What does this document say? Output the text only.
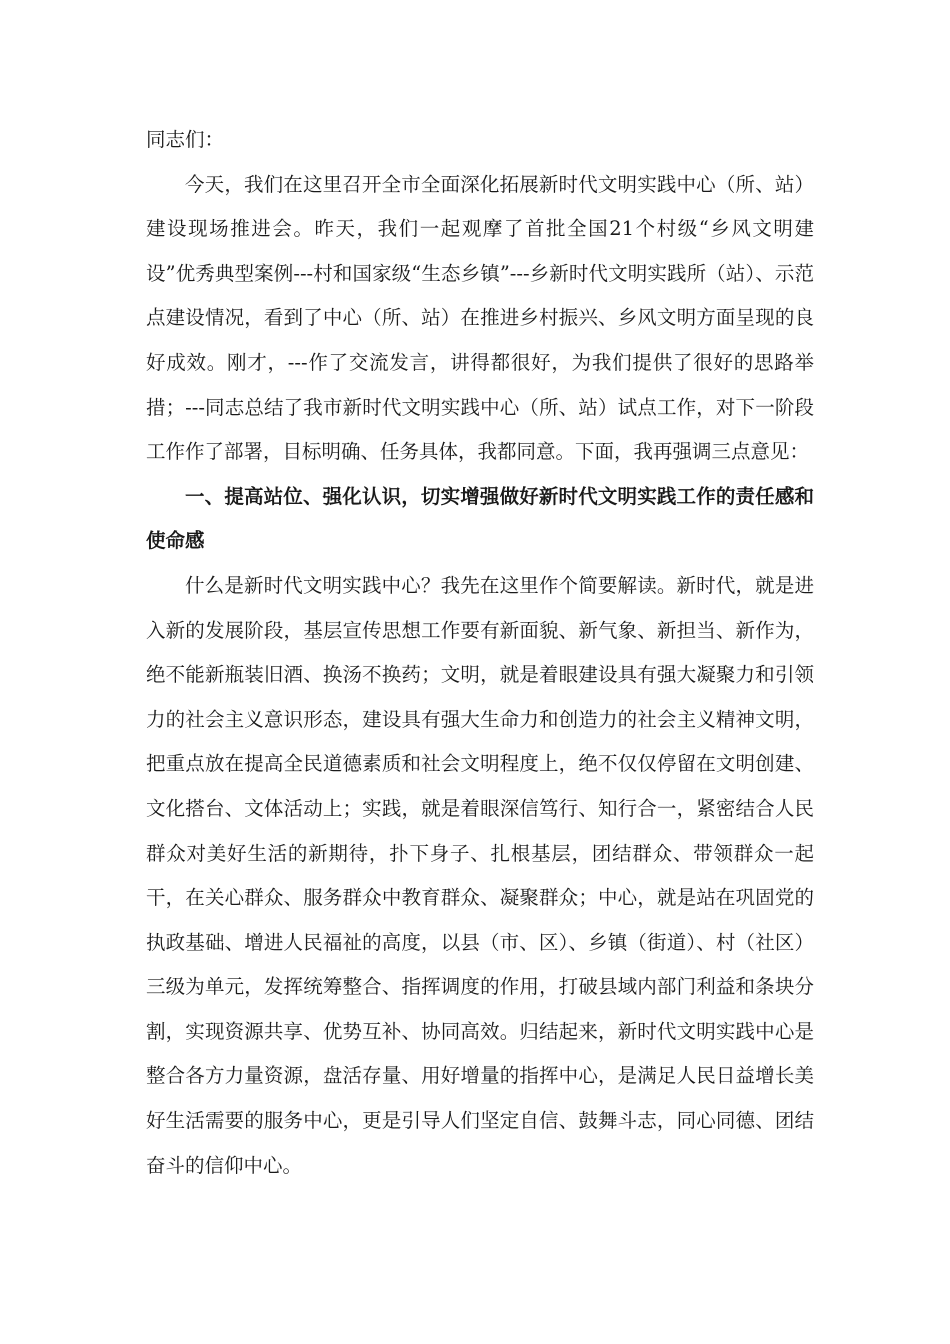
同志们：

今天，我们在这里召开全市全面深化拓展新时代文明实践中心（所、站）建设现场推进会。昨天，我们一起观摩了首批全国21个村级“乡风文明建设”优秀典型案例---村和国家级“生态乡镇”---乡新时代文明实践所（站）、示范点建设情况，看到了中心（所、站）在推进乡村振兴、乡风文明方面呈现的良好成效。刚才，---作了交流发言，讲得都很好，为我们提供了很好的思路举措；---同志总结了我市新时代文明实践中心（所、站）试点工作，对下一阶段工作作了部署，目标明确、任务具体，我都同意。下面，我再强调三点意见：

一、提高站位、强化认识，切实增强做好新时代文明实践工作的责任感和使命感

什么是新时代文明实践中心？我先在这里作个简要解读。新时代，就是进入新的发展阶段，基层宣传思想工作要有新面貌、新气象、新担当、新作为，绝不能新瓶装旧酒、换汤不换药；文明，就是着眼建设具有强大凝聚力和引领力的社会主义意识形态，建设具有强大生命力和创造力的社会主义精神文明，把重点放在提高全民道德素质和社会文明程度上，绝不仅仅停留在文明创建、文化搭台、文体活动上；实践，就是着眼深信笃行、知行合一，紧密结合人民群众对美好生活的新期待，扑下身子、扎根基层，团结群众、带领群众一起干，在关心群众、服务群众中教育群众、凝聚群众；中心，就是站在巩固党的执政基础、增进人民福祉的高度，以县（市、区）、乡镇（街道）、村（社区）三级为单元，发挥统筹整合、指挥调度的作用，打破县域内部门利益和条块分割，实现资源共享、优势互补、协同高效。归结起来，新时代文明实践中心是整合各方力量资源，盘活存量、用好增量的指挥中心，是满足人民日益增长美好生活需要的服务中心，更是引导人们坚定自信、鼓舞斗志，同心同德、团结奋斗的信仰中心。
